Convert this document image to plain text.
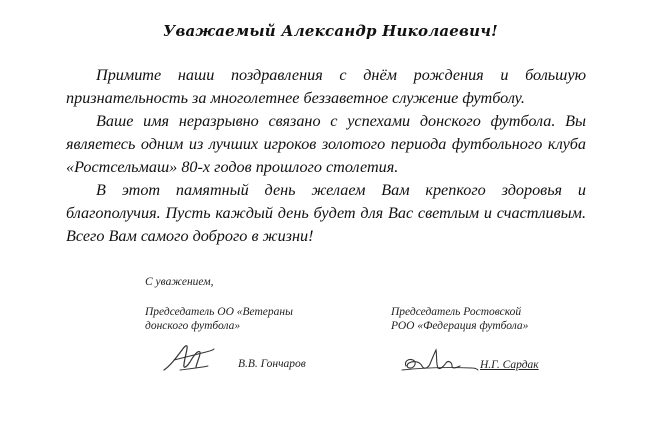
Уважаемый Александр Николаевич!

Примите наши поздравления с днём рождения и большую признательность за многолетнее беззаветное служение футболу.

Ваше имя неразрывно связано с успехами донского футбола. Вы являетесь одним из лучших игроков золотого периода футбольного клуба «Ростсельмаш» 80-х годов прошлого столетия.

В этот памятный день желаем Вам крепкого здоровья и благополучия. Пусть каждый день будет для Вас светлым и счастливым. Всего Вам самого доброго в жизни!

С уважением,
Председатель ОО «Ветераны
донского футбола»
Председатель Ростовской
РОО «Федерация футбола»
В.В. Гончаров	Н.Г. Сардак
